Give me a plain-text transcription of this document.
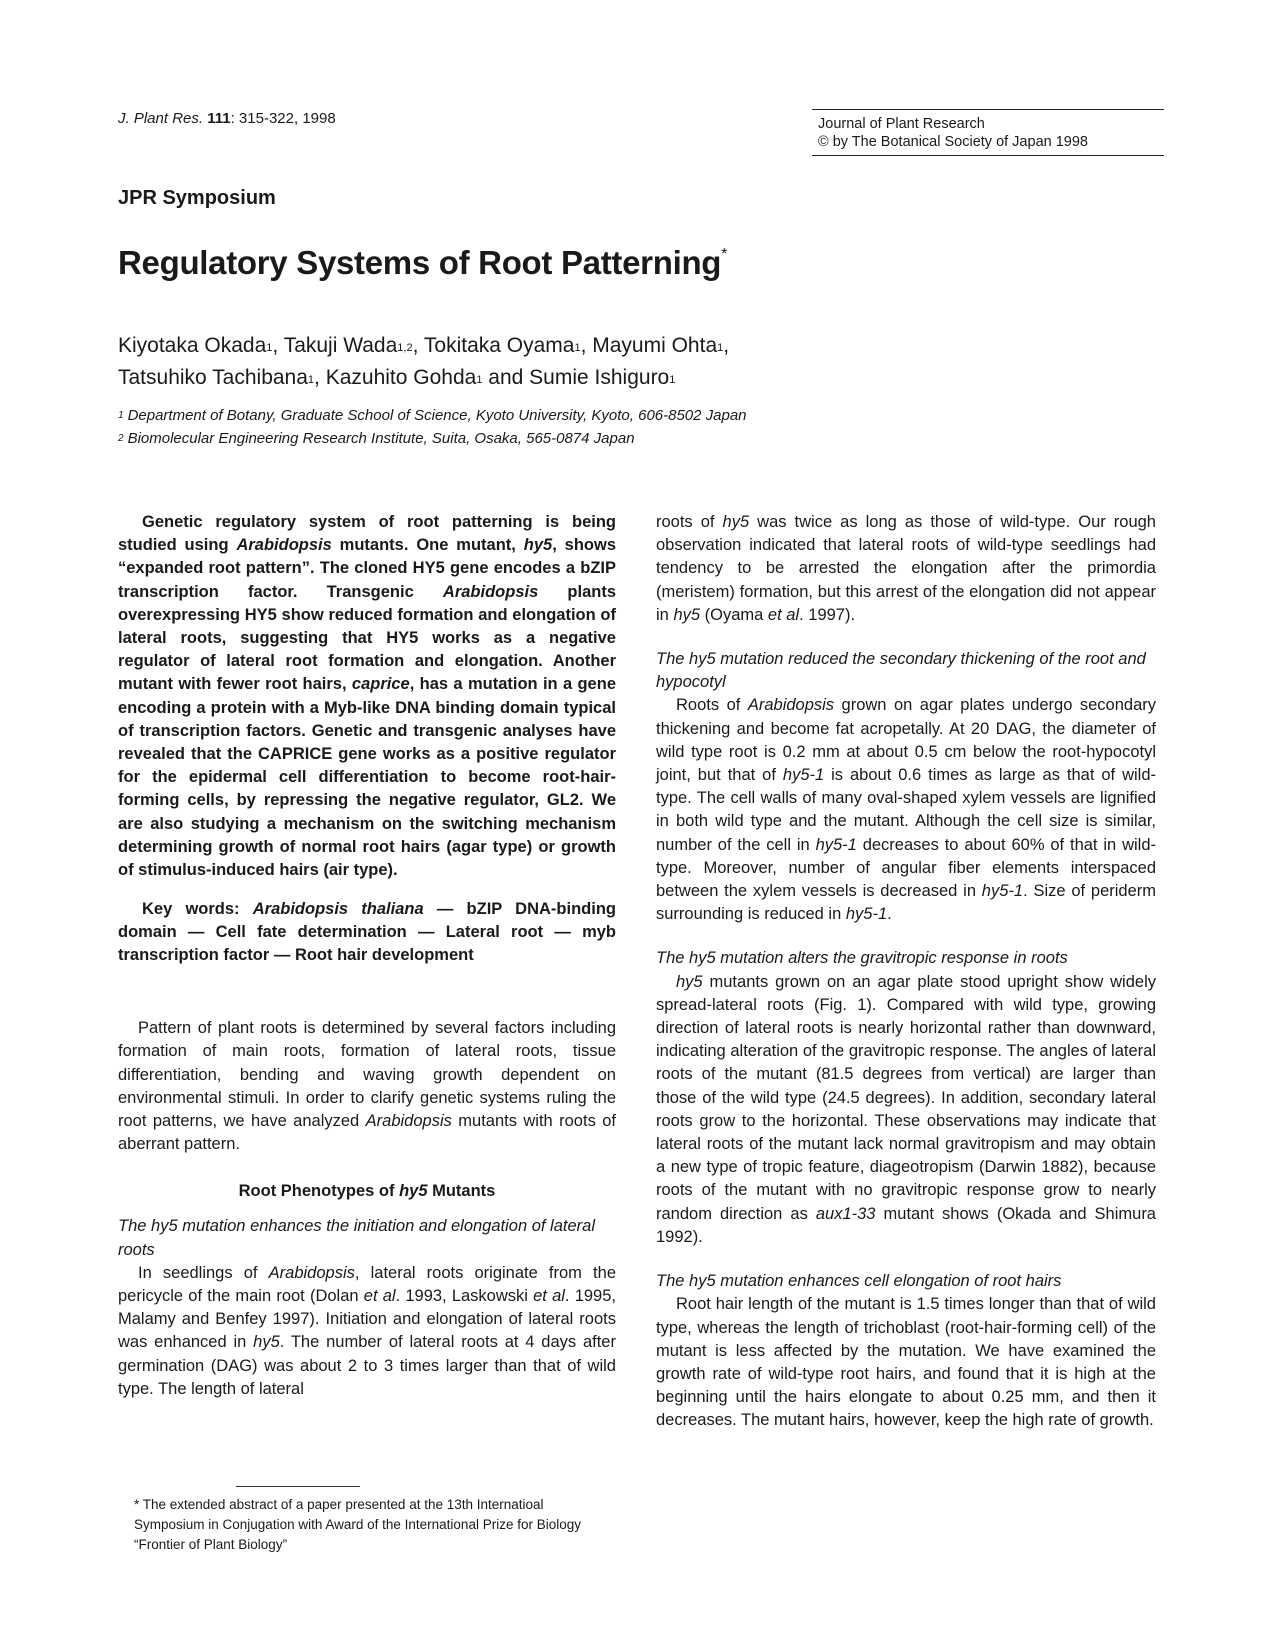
J. Plant Res. 111: 315-322, 1998	Journal of Plant Research
© by The Botanical Society of Japan 1998
JPR Symposium
Regulatory Systems of Root Patterning*
Kiyotaka Okada$^1$, Takuji Wada$^{1,2}$, Tokitaka Oyama$^1$, Mayumi Ohta$^1$,
Tatsuhiko Tachibana$^1$, Kazuhito Gohda$^1$ and Sumie Ishiguro$^1$
$^1$ Department of Botany, Graduate School of Science, Kyoto University, Kyoto, 606-8502 Japan
$^2$ Biomolecular Engineering Research Institute, Suita, Osaka, 565-0874 Japan

Genetic regulatory system of root patterning is being studied using Arabidopsis mutants. One mutant, hy5, shows “expanded root pattern”. The cloned HY5 gene encodes a bZIP transcription factor. Transgenic Arabidopsis plants overexpressing HY5 show reduced formation and elongation of lateral roots, suggesting that HY5 works as a negative regulator of lateral root formation and elongation. Another mutant with fewer root hairs, caprice, has a mutation in a gene encoding a protein with a Myb-like DNA binding domain typical of transcription factors. Genetic and transgenic analyses have revealed that the CAPRICE gene works as a positive regulator for the epidermal cell differentiation to become root-hair-forming cells, by repressing the negative regulator, GL2. We are also studying a mechanism on the switching mechanism determining growth of normal root hairs (agar type) or growth of stimulus-induced hairs (air type).

Key words: Arabidopsis thaliana — bZIP DNA-binding domain — Cell fate determination — Lateral root — myb transcription factor — Root hair development

Pattern of plant roots is determined by several factors including formation of main roots, formation of lateral roots, tissue differentiation, bending and waving growth dependent on environmental stimuli. In order to clarify genetic systems ruling the root patterns, we have analyzed Arabidopsis mutants with roots of aberrant pattern.

Root Phenotypes of hy5 Mutants

The hy5 mutation enhances the initiation and elongation of lateral roots

In seedlings of Arabidopsis, lateral roots originate from the pericycle of the main root (Dolan et al. 1993, Laskowski et al. 1995, Malamy and Benfey 1997). Initiation and elongation of lateral roots was enhanced in hy5. The number of lateral roots at 4 days after germination (DAG) was about 2 to 3 times larger than that of wild type. The length of lateral

roots of hy5 was twice as long as those of wild-type. Our rough observation indicated that lateral roots of wild-type seedlings had tendency to be arrested the elongation after the primordia (meristem) formation, but this arrest of the elongation did not appear in hy5 (Oyama et al. 1997).

The hy5 mutation reduced the secondary thickening of the root and hypocotyl

Roots of Arabidopsis grown on agar plates undergo secondary thickening and become fat acropetally. At 20 DAG, the diameter of wild type root is 0.2 mm at about 0.5 cm below the root-hypocotyl joint, but that of hy5-1 is about 0.6 times as large as that of wild-type. The cell walls of many oval-shaped xylem vessels are lignified in both wild type and the mutant. Although the cell size is similar, number of the cell in hy5-1 decreases to about 60% of that in wild-type. Moreover, number of angular fiber elements interspaced between the xylem vessels is decreased in hy5-1. Size of periderm surrounding is reduced in hy5-1.

The hy5 mutation alters the gravitropic response in roots

hy5 mutants grown on an agar plate stood upright show widely spread-lateral roots (Fig. 1). Compared with wild type, growing direction of lateral roots is nearly horizontal rather than downward, indicating alteration of the gravitropic response. The angles of lateral roots of the mutant (81.5 degrees from vertical) are larger than those of the wild type (24.5 degrees). In addition, secondary lateral roots grow to the horizontal. These observations may indicate that lateral roots of the mutant lack normal gravitropism and may obtain a new type of tropic feature, diageotropism (Darwin 1882), because roots of the mutant with no gravitropic response grow to nearly random direction as aux1-33 mutant shows (Okada and Shimura 1992).

The hy5 mutation enhances cell elongation of root hairs

Root hair length of the mutant is 1.5 times longer than that of wild type, whereas the length of trichoblast (root-hair-forming cell) of the mutant is less affected by the mutation. We have examined the growth rate of wild-type root hairs, and found that it is high at the beginning until the hairs elongate to about 0.25 mm, and then it decreases. The mutant hairs, however, keep the high rate of growth.

* The extended abstract of a paper presented at the 13th Internatioal Symposium in Conjugation with Award of the International Prize for Biology “Frontier of Plant Biology”
